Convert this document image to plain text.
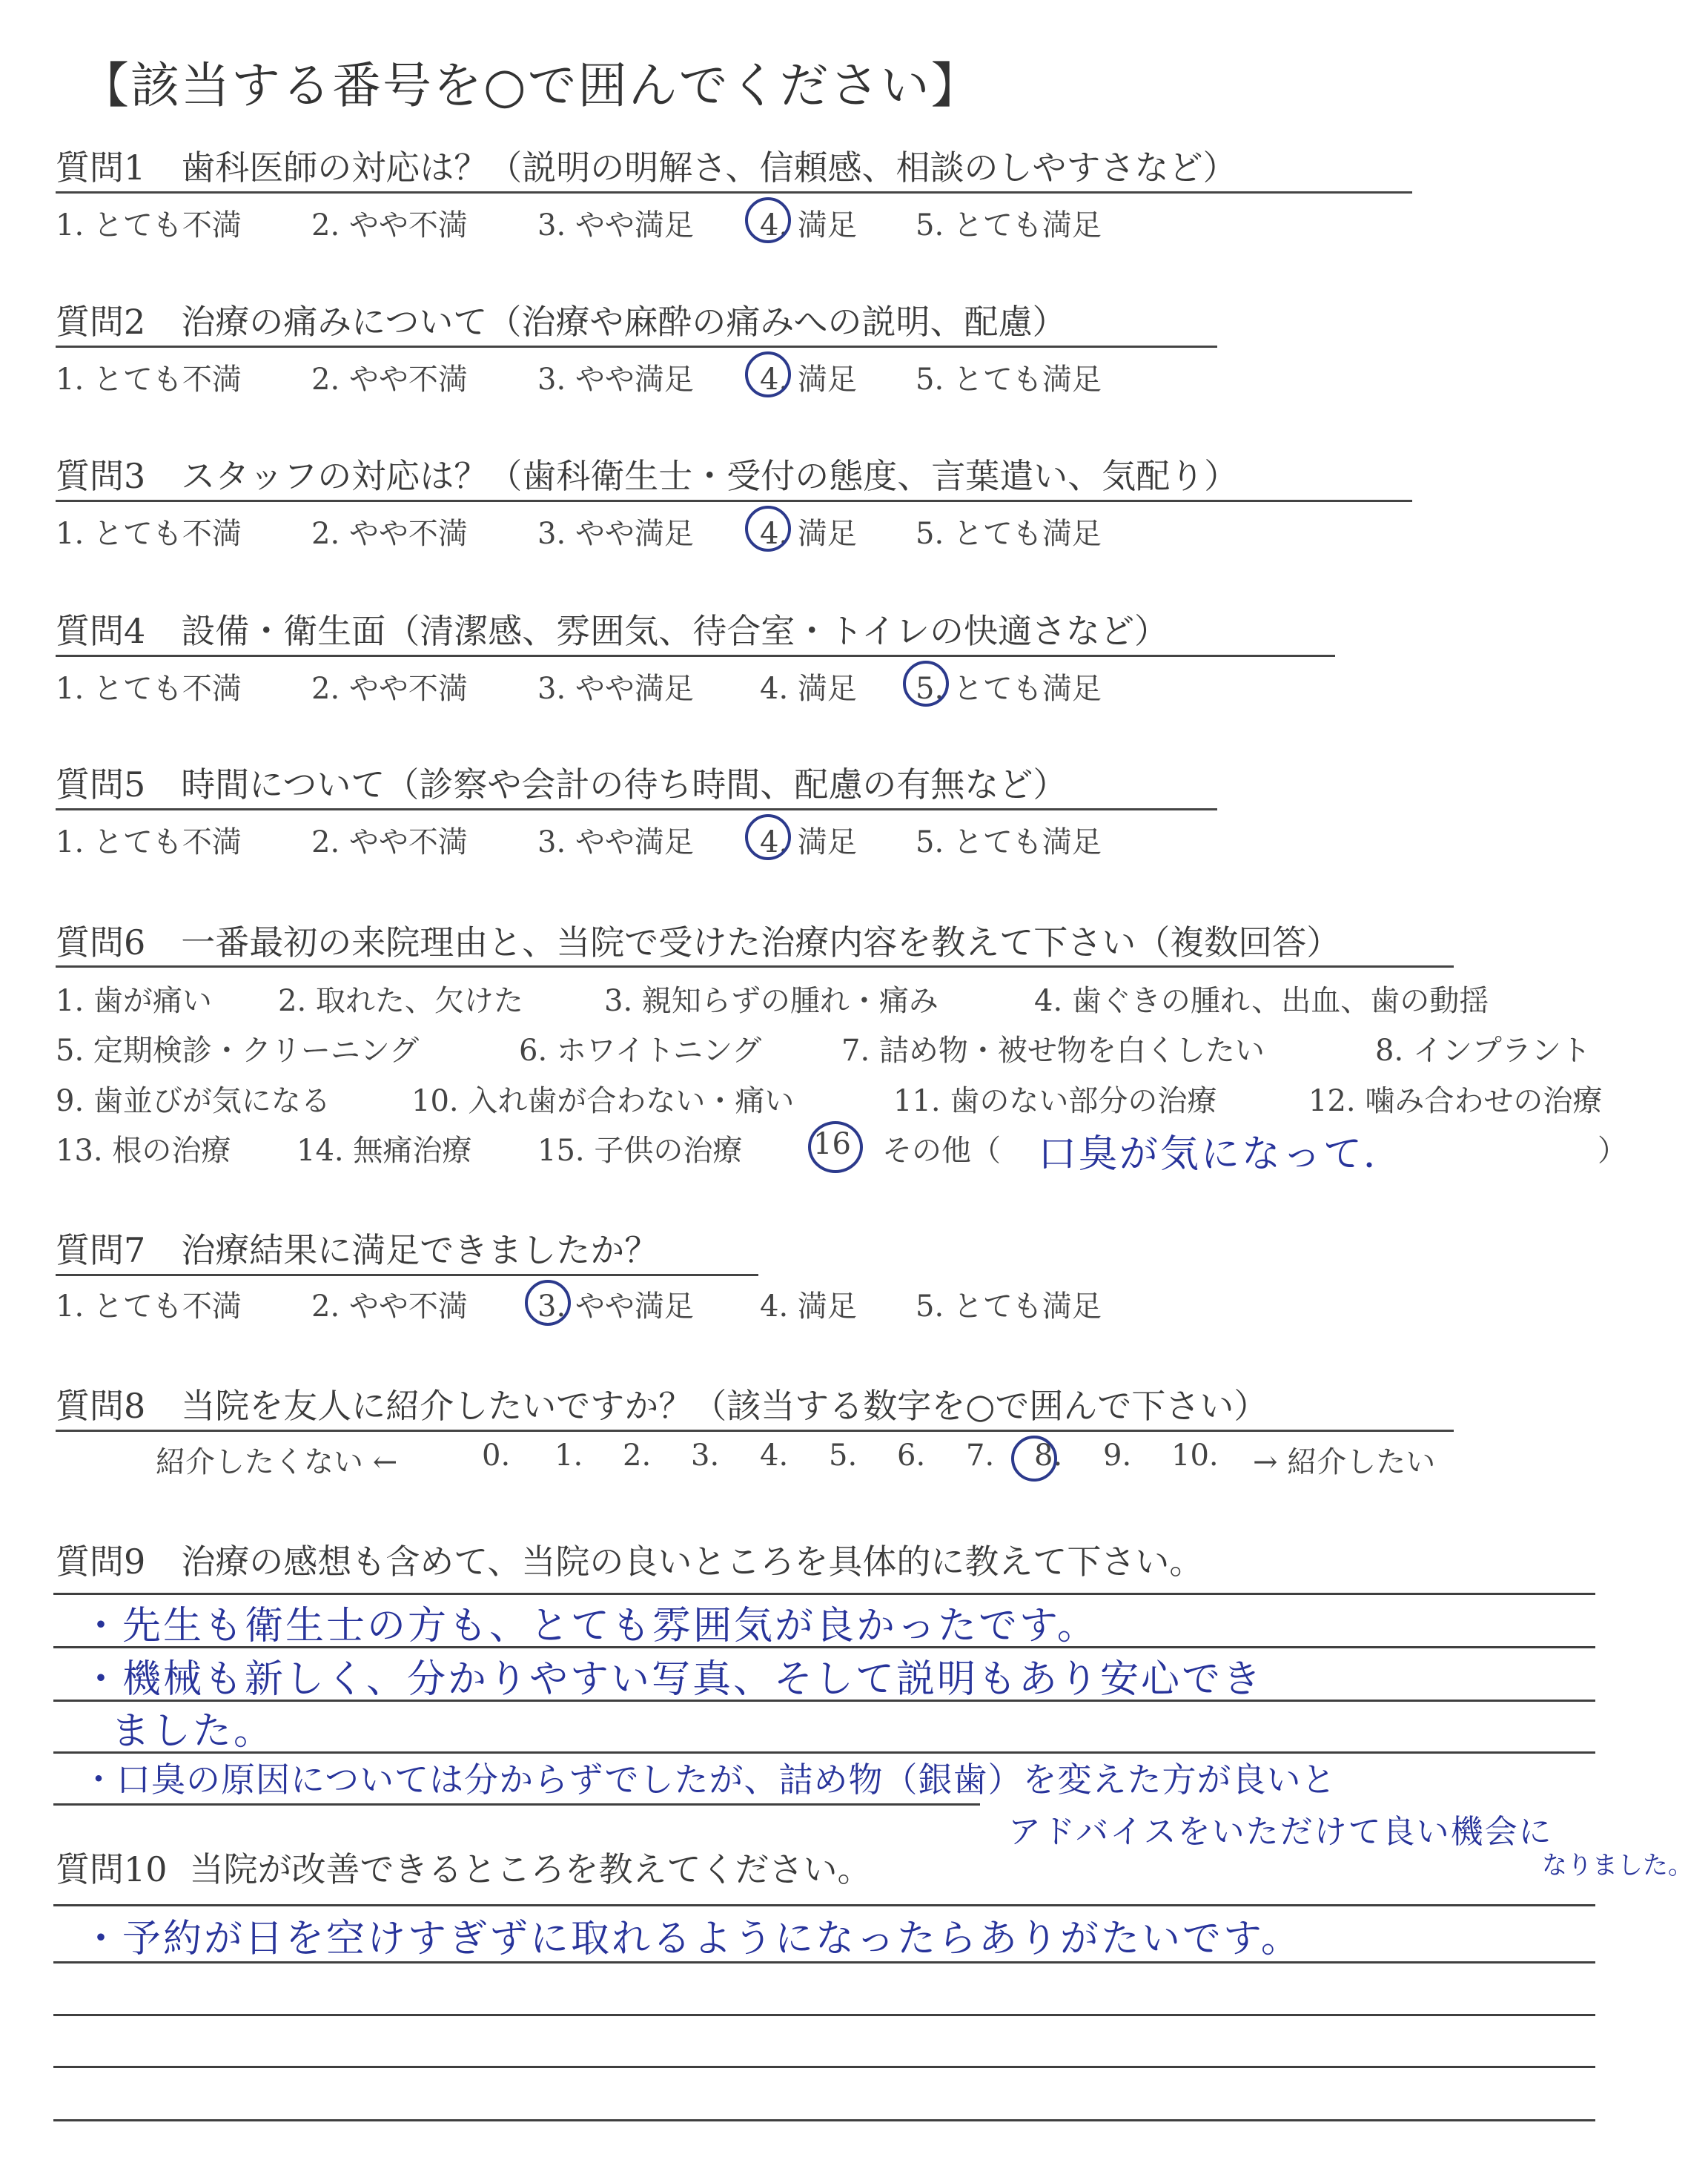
【該当する番号を○で囲んでください】
質問1 歯科医師の対応は？（説明の明解さ、信頼感、相談のしやすさなど）
1. とても不満 2. やや不満 3. やや満足 4. 満足 5. とても満足
質問2 治療の痛みについて（治療や麻酔の痛みへの説明、配慮）
1. とても不満 2. やや不満 3. やや満足 4. 満足 5. とても満足
質問3 スタッフの対応は？（歯科衛生士・受付の態度、言葉遣い、気配り）
1. とても不満 2. やや不満 3. やや満足 4. 満足 5. とても満足
質問4 設備・衛生面（清潔感、雰囲気、待合室・トイレの快適さなど）
1. とても不満 2. やや不満 3. やや満足 4. 満足 5. とても満足
質問5 時間について（診察や会計の待ち時間、配慮の有無など）
1. とても不満 2. やや不満 3. やや満足 4. 満足 5. とても満足
質問6 一番最初の来院理由と、当院で受けた治療内容を教えて下さい（複数回答）
1. 歯が痛い 2. 取れた、欠けた	3. 親知らずの腫れ・痛み	4. 歯ぐきの腫れ、出血、歯の動揺
5. 定期検診・クリーニング	6. ホワイトニング	7. 詰め物・被せ物を白くしたい	8. インプラント
9. 歯並びが気になる	10. 入れ歯が合わない・痛い	11. 歯のない部分の治療	12. 噛み合わせの治療
13. 根の治療 14. 無痛治療 15. 子供の治療 16 その他（ 口臭が気になって．	）
質問7 治療結果に満足できましたか？
1. とても不満 2. やや不満 3. やや満足 4. 満足 5. とても満足
質問8 当院を友人に紹介したいですか？（該当する数字を○で囲んで下さい）
紹介したくない ←	0. 1. 2. 3. 4. 5. 6. 7. 8. 9. 10. → 紹介したい
質問9 治療の感想も含めて、当院の良いところを具体的に教えて下さい。
・先生も衛生士の方も、とても雰囲気が良かったです。
・機械も新しく、分かりやすい写真、そして説明もあり安心でき
ました。
・口臭の原因については分からずでしたが、詰め物（銀歯）を変えた方が良いと
アドバイスをいただけて良い機会に
なりました。
質問10 当院が改善できるところを教えてください。
・予約が日を空けすぎずに取れるようになったらありがたいです。
